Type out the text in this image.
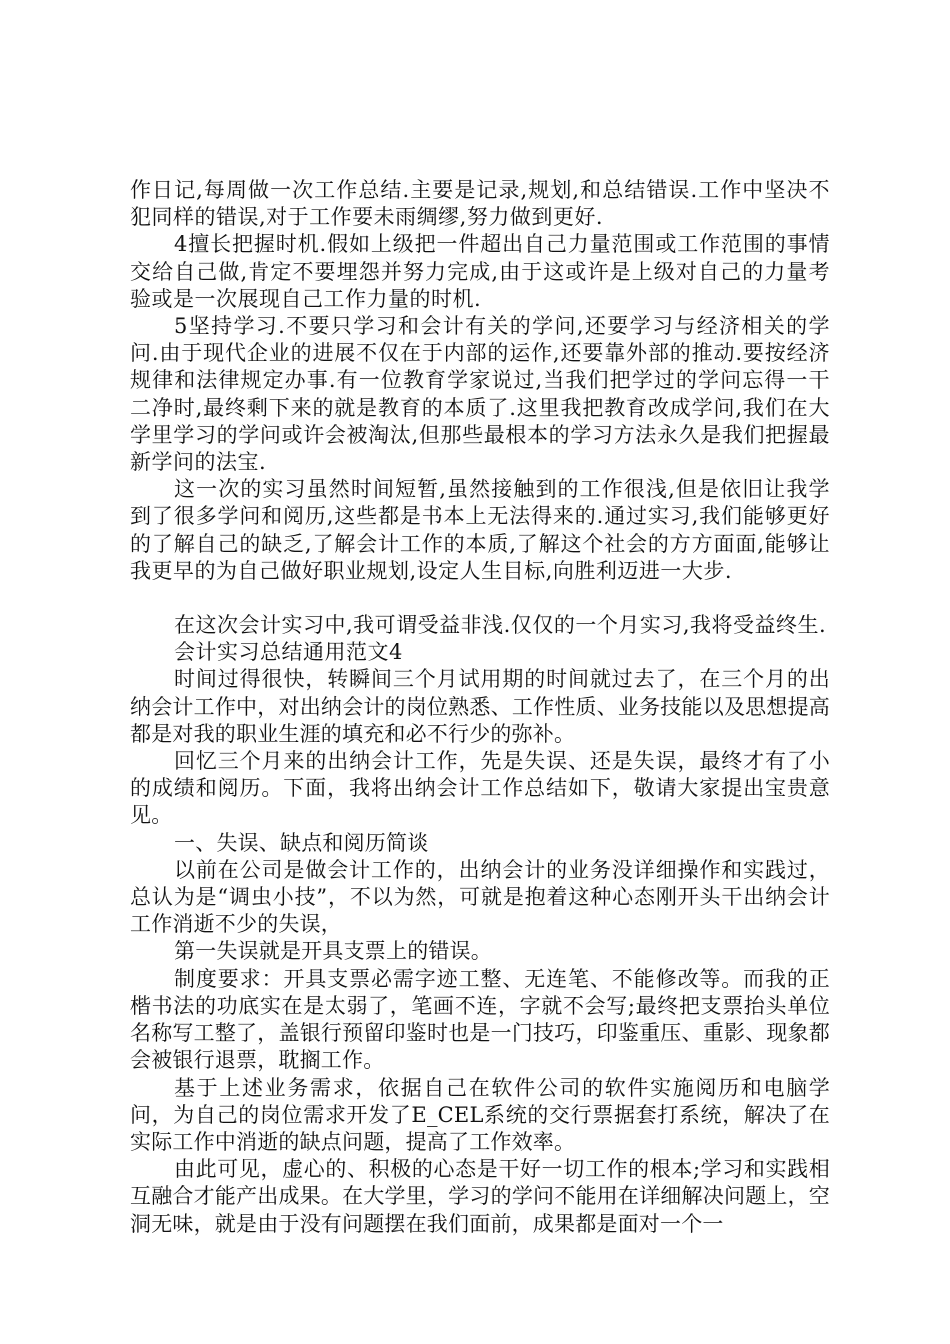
作日记,每周做一次工作总结.主要是记录,规划,和总结错误.工作中坚决不犯同样的错误,对于工作要未雨绸缪,努力做到更好.

4擅长把握时机.假如上级把一件超出自己力量范围或工作范围的事情交给自己做,肯定不要埋怨并努力完成,由于这或许是上级对自己的力量考验或是一次展现自己工作力量的时机.

5坚持学习.不要只学习和会计有关的学问,还要学习与经济相关的学问.由于现代企业的进展不仅在于内部的运作,还要靠外部的推动.要按经济规律和法律规定办事.有一位教育学家说过,当我们把学过的学问忘得一干二净时,最终剩下来的就是教育的本质了.这里我把教育改成学问,我们在大学里学习的学问或许会被淘汰,但那些最根本的学习方法永久是我们把握最新学问的法宝.

这一次的实习虽然时间短暂,虽然接触到的工作很浅,但是依旧让我学到了很多学问和阅历,这些都是书本上无法得来的.通过实习,我们能够更好的了解自己的缺乏,了解会计工作的本质,了解这个社会的方方面面,能够让我更早的为自己做好职业规划,设定人生目标,向胜利迈进一大步.

在这次会计实习中,我可谓受益非浅.仅仅的一个月实习,我将受益终生.

会计实习总结通用范文4

时间过得很快，转瞬间三个月试用期的时间就过去了，在三个月的出纳会计工作中，对出纳会计的岗位熟悉、工作性质、业务技能以及思想提高都是对我的职业生涯的填充和必不行少的弥补。

回忆三个月来的出纳会计工作，先是失误、还是失误，最终才有了小的成绩和阅历。下面，我将出纳会计工作总结如下，敬请大家提出宝贵意见。

一、失误、缺点和阅历简谈

以前在公司是做会计工作的，出纳会计的业务没详细操作和实践过，总认为是“调虫小技”，不以为然，可就是抱着这种心态刚开头干出纳会计工作消逝不少的失误，

第一失误就是开具支票上的错误。

制度要求：开具支票必需字迹工整、无连笔、不能修改等。而我的正楷书法的功底实在是太弱了，笔画不连，字就不会写;最终把支票抬头单位名称写工整了，盖银行预留印鉴时也是一门技巧，印鉴重压、重影、现象都会被银行退票，耽搁工作。

基于上述业务需求，依据自己在软件公司的软件实施阅历和电脑学问，为自己的岗位需求开发了E_CEL系统的交行票据套打系统，解决了在实际工作中消逝的缺点问题，提高了工作效率。

由此可见，虚心的、积极的心态是干好一切工作的根本;学习和实践相互融合才能产出成果。在大学里，学习的学问不能用在详细解决问题上，空洞无味，就是由于没有问题摆在我们面前，成果都是面对一个一
